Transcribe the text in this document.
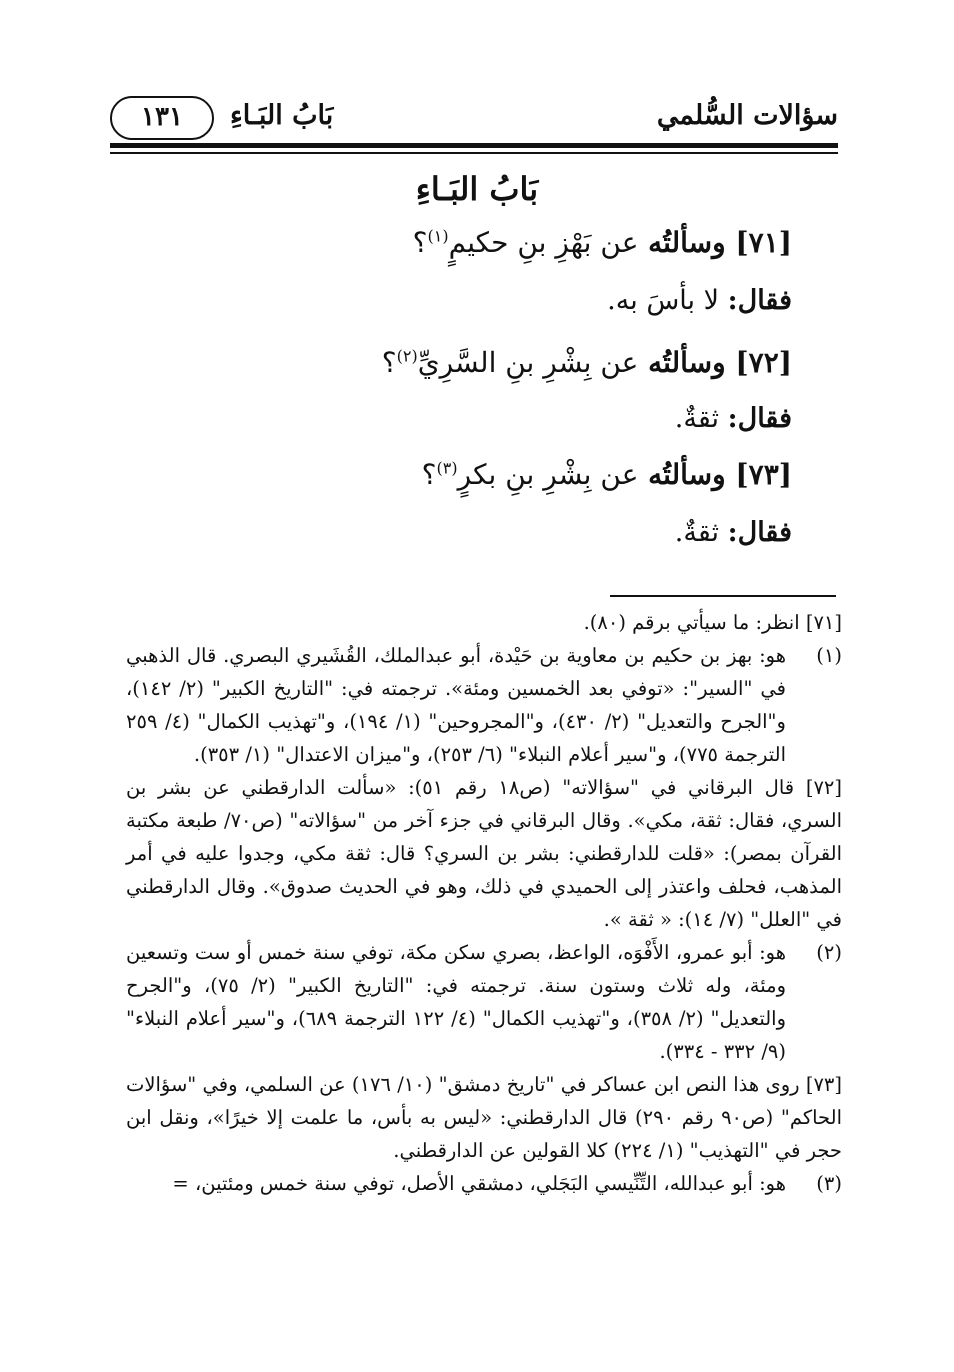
سؤالات السُّلمي
بَابُ البَـاءِ
١٣١
بَابُ البَـاءِ
[٧١] وسألتُه عن بَهْزِ بنِ حكيمٍ$^{(١)}$؟
فقال: لا بأسَ به.
[٧٢] وسألتُه عن بِشْرِ بنِ السَّرِيِّ$^{(٢)}$؟
فقال: ثقةٌ.
[٧٣] وسألتُه عن بِشْرِ بنِ بكرٍ$^{(٣)}$؟
فقال: ثقةٌ.

[٧١] انظر: ما سيأتي برقم (٨٠).

(١)
هو: بهز بن حكيم بن معاوية بن حَيْدة، أبو عبدالملك، القُشَيري البصري. قال الذهبي في "السير": «توفي بعد الخمسين ومئة». ترجمته في: "التاريخ الكبير" (٢/ ١٤٢)، و"الجرح والتعديل" (٢/ ٤٣٠)، و"المجروحين" (١/ ١٩٤)، و"تهذيب الكمال" (٤/ ٢٥٩ الترجمة ٧٧٥)، و"سير أعلام النبلاء" (٦/ ٢٥٣)، و"ميزان الاعتدال" (١/ ٣٥٣).

[٧٢] قال البرقاني في "سؤالاته" (ص١٨ رقم ٥١): «سألت الدارقطني عن بشر بن السري، فقال: ثقة، مكي». وقال البرقاني في جزء آخر من "سؤالاته" (ص٧٠/ طبعة مكتبة القرآن بمصر): «قلت للدارقطني: بشر بن السري؟ قال: ثقة مكي، وجدوا عليه في أمر المذهب، فحلف واعتذر إلى الحميدي في ذلك، وهو في الحديث صدوق». وقال الدارقطني في "العلل" (٧/ ١٤): « ثقة ».

(٢)
هو: أبو عمرو، الأَفْوَه، الواعظ، بصري سكن مكة، توفي سنة خمس أو ست وتسعين ومئة، وله ثلاث وستون سنة. ترجمته في: "التاريخ الكبير" (٢/ ٧٥)، و"الجرح والتعديل" (٢/ ٣٥٨)، و"تهذيب الكمال" (٤/ ١٢٢ الترجمة ٦٨٩)، و"سير أعلام النبلاء" (٩/ ٣٣٢ - ٣٣٤).

[٧٣] روى هذا النص ابن عساكر في "تاريخ دمشق" (١٠/ ١٧٦) عن السلمي، وفي "سؤالات الحاكم" (ص٩٠ رقم ٢٩٠) قال الدارقطني: «ليس به بأس، ما علمت إلا خيرًا»، ونقل ابن حجر في "التهذيب" (١/ ٢٢٤) كلا القولين عن الدارقطني.

(٣)
هو: أبو عبدالله، التِّنِّيسي البَجَلي، دمشقي الأصل، توفي سنة خمس ومئتين، =
